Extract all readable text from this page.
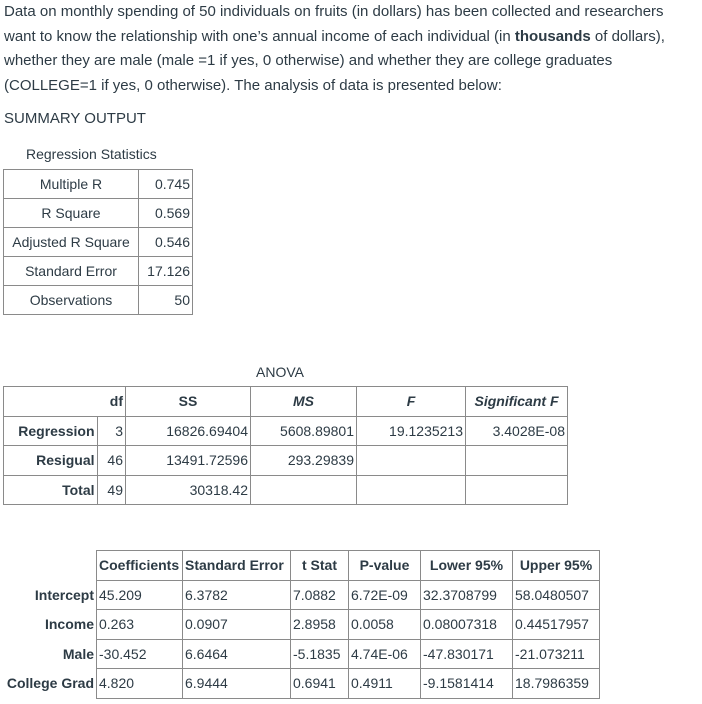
Data on monthly spending of 50 individuals on fruits (in dollars) has been collected and researchers want to know the relationship with one’s annual income of each individual (in thousands of dollars), whether they are male (male =1 if yes, 0 otherwise) and whether they are college graduates (COLLEGE=1 if yes, 0 otherwise). The analysis of data is presented below:
SUMMARY OUTPUT
Regression Statistics
Multiple R	0.745
R Square	0.569
Adjusted R Square	0.546
Standard Error	17.126
Observations	50
ANOVA
	df	SS	MS	F	Significant F
Regression	3	16826.69404	5608.89801	19.1235213	3.4028E-08
Resigual	46	13491.72596	293.29839		
Total	49	30318.42			
	Coefficients	Standard Error	t Stat	P-value	Lower 95%	Upper 95%
Intercept	45.209	6.3782	7.0882	6.72E-09	32.3708799	58.0480507
Income	0.263	0.0907	2.8958	0.0058	0.08007318	0.44517957
Male	-30.452	6.6464	-5.1835	4.74E-06	-47.830171	-21.073211
College Grad	4.820	6.9444	0.6941	0.4911	-9.1581414	18.7986359
